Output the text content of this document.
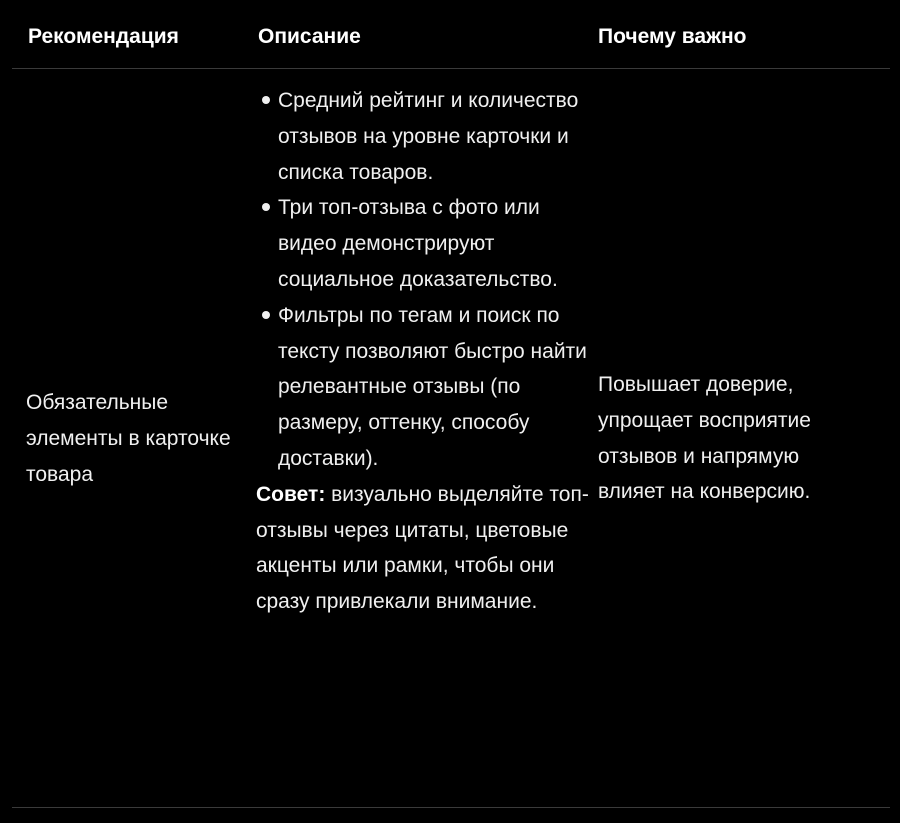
Рекомендация	Описание	Почему важно
Обязательные элементы в карточке товара
Средний рейтинг и количество отзывов на уровне карточки и списка товаров.
Три топ-отзыва с фото или видео демонстрируют социальное доказательство.
Фильтры по тегам и поиск по тексту позволяют быстро найти релевантные отзывы (по размеру, оттенку, способу доставки).

Совет: визуально выделяйте топ-отзывы через цитаты, цветовые акценты или рамки, чтобы они сразу привлекали внимание.

Повышает доверие, упрощает восприятие отзывов и напрямую влияет на конверсию.
